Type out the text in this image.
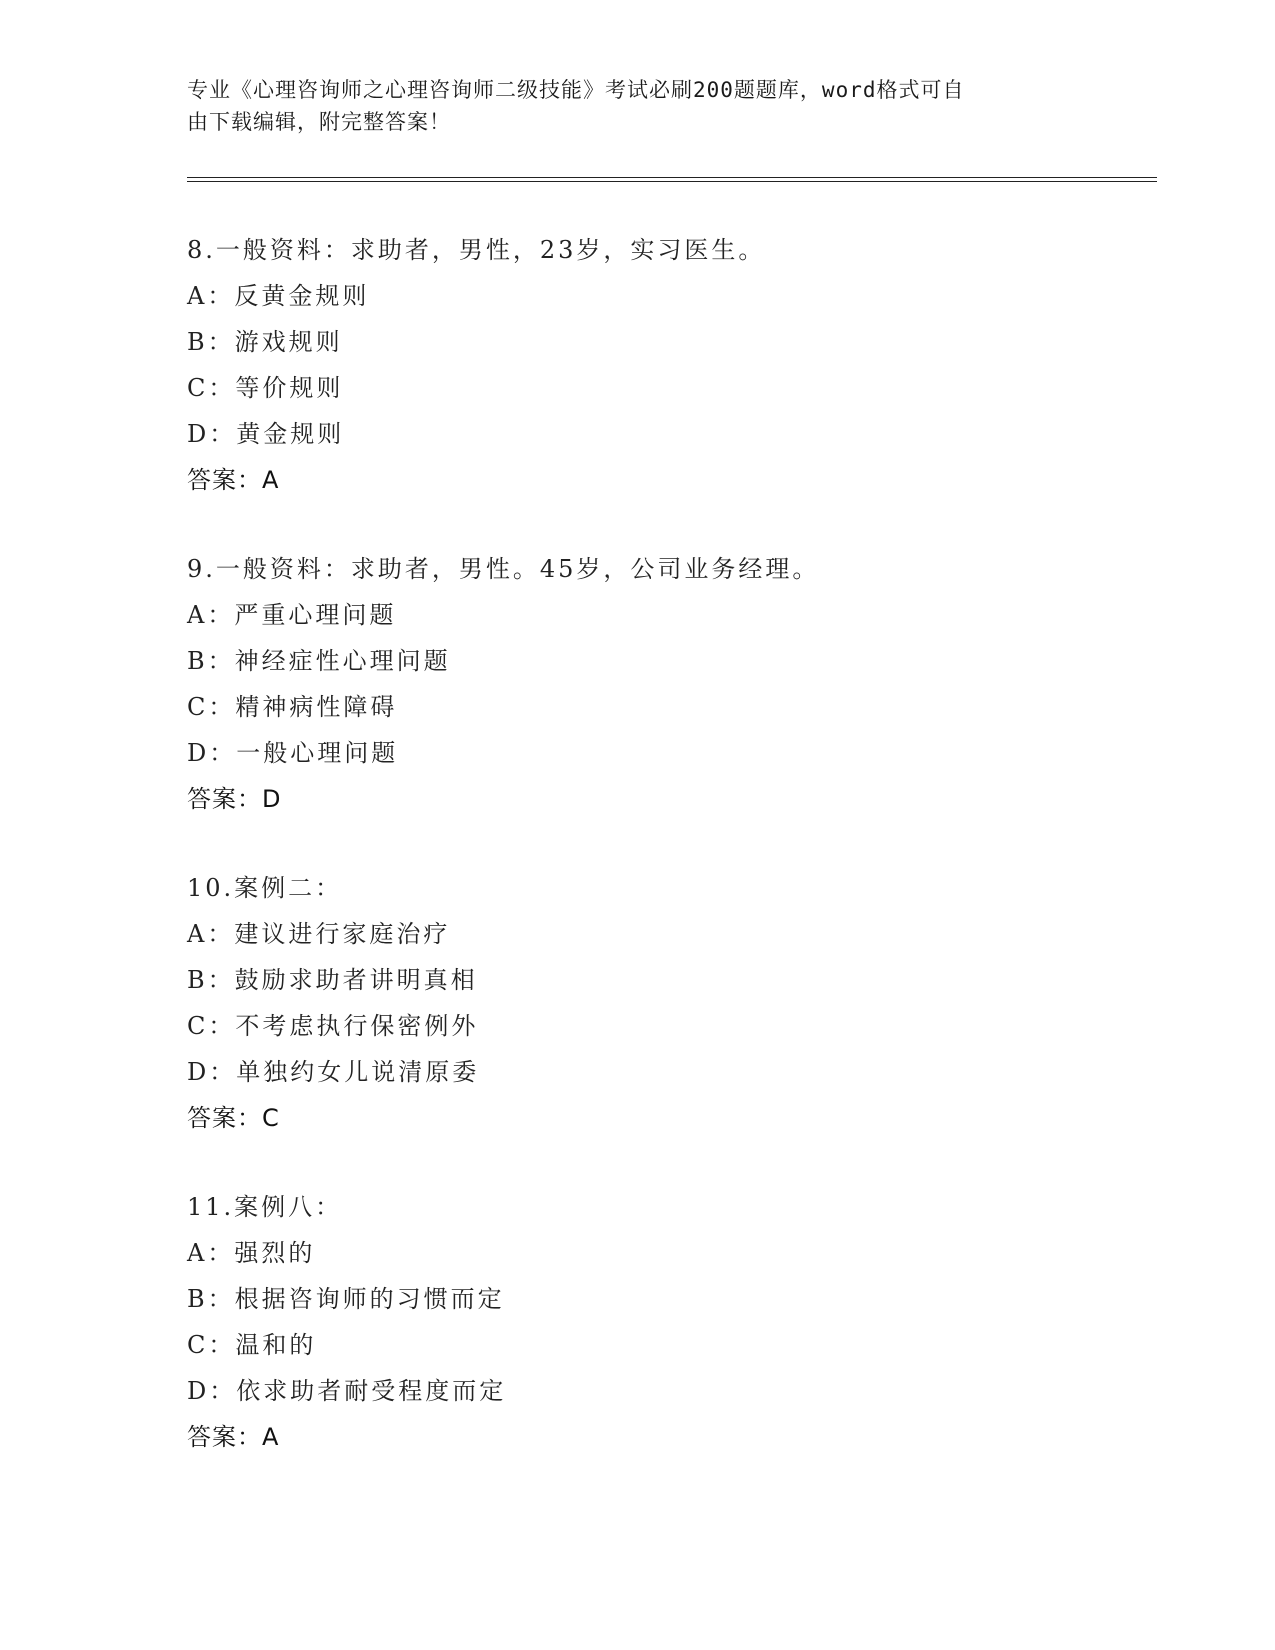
专业《心理咨询师之心理咨询师二级技能》考试必刷200题题库，word格式可自
由下载编辑，附完整答案！
8.一般资料：求助者，男性，23岁，实习医生。
A：反黄金规则
B：游戏规则
C：等价规则
D：黄金规则
答案：A
9.一般资料：求助者，男性。45岁，公司业务经理。
A：严重心理问题
B：神经症性心理问题
C：精神病性障碍
D：一般心理问题
答案：D
10.案例二：
A：建议进行家庭治疗
B：鼓励求助者讲明真相
C：不考虑执行保密例外
D：单独约女儿说清原委
答案：C
11.案例八：
A：强烈的
B：根据咨询师的习惯而定
C：温和的
D：依求助者耐受程度而定
答案：A
